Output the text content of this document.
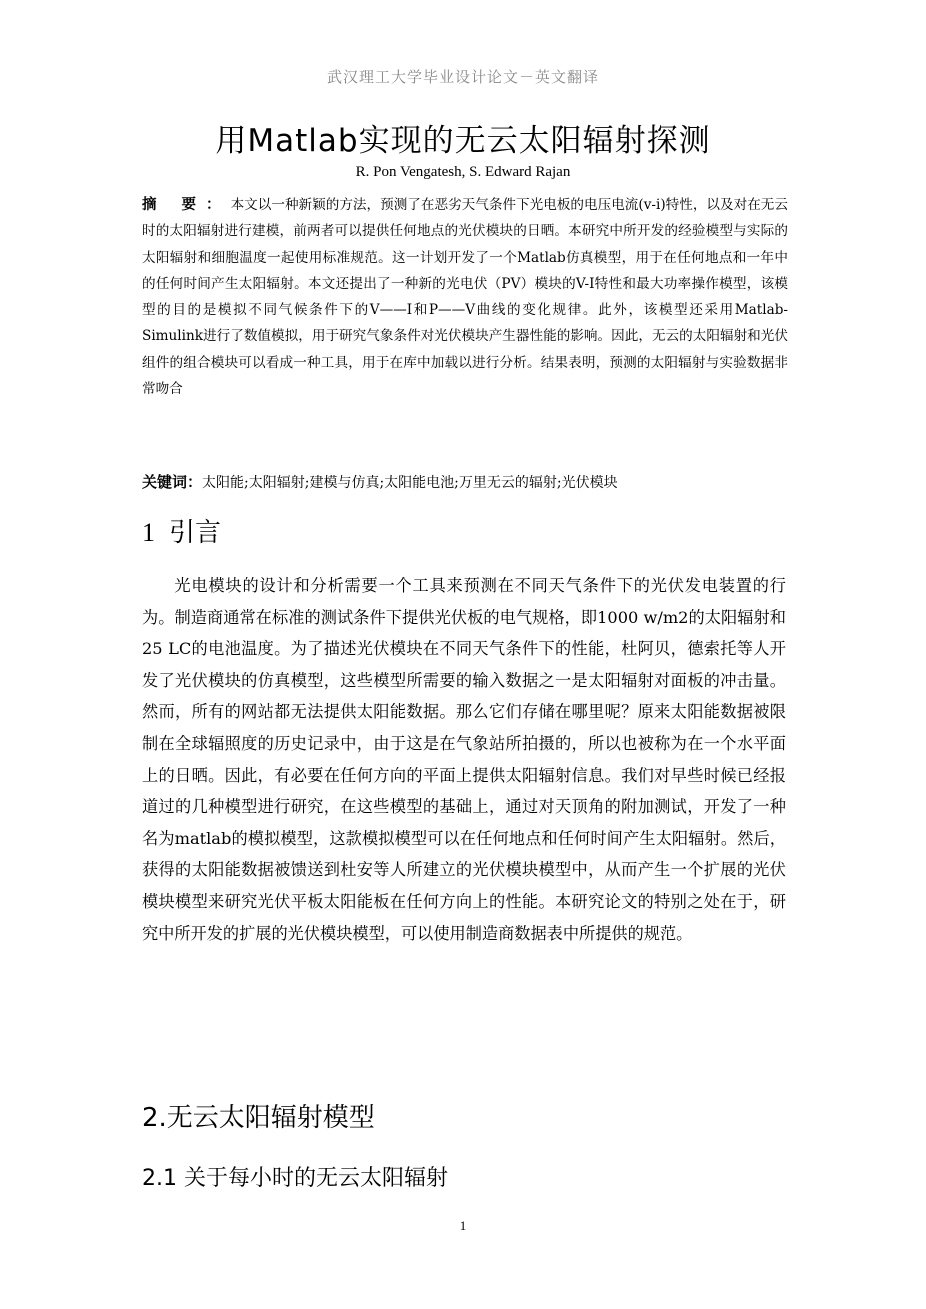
武汉理工大学毕业设计论文－英文翻译
用Matlab实现的无云太阳辐射探测
R. Pon Vengatesh, S. Edward Rajan
摘 要：本文以一种新颖的方法，预测了在恶劣天气条件下光电板的电压电流(v-i)特性，以及对在无云时的太阳辐射进行建模，前两者可以提供任何地点的光伏模块的日晒。本研究中所开发的经验模型与实际的太阳辐射和细胞温度一起使用标准规范。这一计划开发了一个Matlab仿真模型，用于在任何地点和一年中的任何时间产生太阳辐射。本文还提出了一种新的光电伏（PV）模块的V-I特性和最大功率操作模型，该模型的目的是模拟不同气候条件下的V——I和P——V曲线的变化规律。此外，该模型还采用Matlab-Simulink进行了数值模拟，用于研究气象条件对光伏模块产生器性能的影响。因此，无云的太阳辐射和光伏组件的组合模块可以看成一种工具，用于在库中加载以进行分析。结果表明，预测的太阳辐射与实验数据非常吻合
关键词：太阳能;太阳辐射;建模与仿真;太阳能电池;万里无云的辐射;光伏模块
1 引言
光电模块的设计和分析需要一个工具来预测在不同天气条件下的光伏发电装置的行为。制造商通常在标准的测试条件下提供光伏板的电气规格，即1000 w/m2的太阳辐射和25 LC的电池温度。为了描述光伏模块在不同天气条件下的性能，杜阿贝，德索托等人开发了光伏模块的仿真模型，这些模型所需要的输入数据之一是太阳辐射对面板的冲击量。然而，所有的网站都无法提供太阳能数据。那么它们存储在哪里呢？原来太阳能数据被限制在全球辐照度的历史记录中，由于这是在气象站所拍摄的，所以也被称为在一个水平面上的日晒。因此，有必要在任何方向的平面上提供太阳辐射信息。我们对早些时候已经报道过的几种模型进行研究，在这些模型的基础上，通过对天顶角的附加测试，开发了一种名为matlab的模拟模型，这款模拟模型可以在任何地点和任何时间产生太阳辐射。然后，获得的太阳能数据被馈送到杜安等人所建立的光伏模块模型中，从而产生一个扩展的光伏模块模型来研究光伏平板太阳能板在任何方向上的性能。本研究论文的特别之处在于，研究中所开发的扩展的光伏模块模型，可以使用制造商数据表中所提供的规范。
2.无云太阳辐射模型
2.1 关于每小时的无云太阳辐射
1
